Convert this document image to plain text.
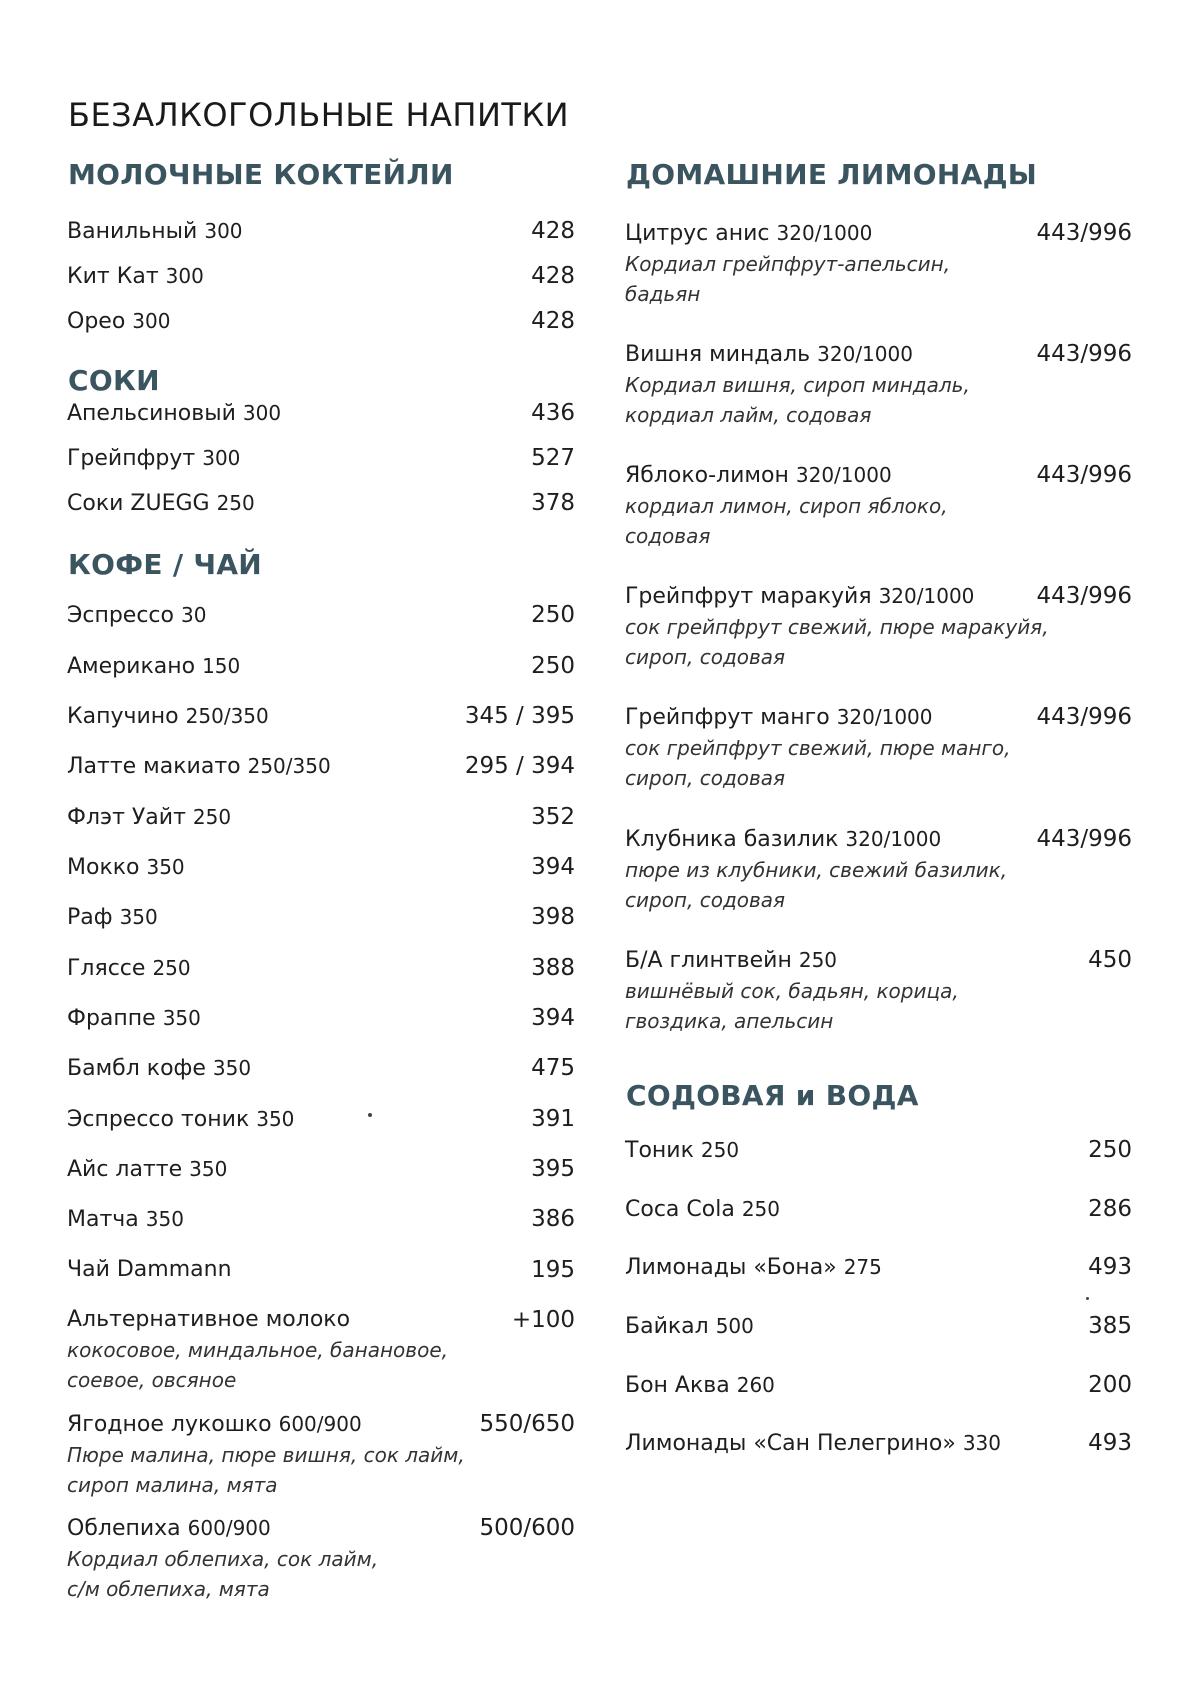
БЕЗАЛКОГОЛЬНЫЕ НАПИТКИ
МОЛОЧНЫЕ КОКТЕЙЛИ
Ванильный 300	428
Кит Кат 300	428
Орео 300	428
СОКИ
Апельсиновый 300	436
Грейпфрут 300	527
Соки ZUEGG 250	378
КОФЕ / ЧАЙ
Эспрессо 30	250
Американо 150	250
Капучино 250/350	345 / 395
Латте макиато 250/350	295 / 394
Флэт Уайт 250	352
Мокко 350	394
Раф 350	398
Гляссе 250	388
Фраппе 350	394
Бамбл кофе 350	475
Эспрессо тоник 350	391
Айс латте 350	395
Матча 350	386
Чай Dammann	195
Альтернативное молоко	+100
кокосовое, миндальное, банановое,
соевое, овсяное
Ягодное лукошко 600/900	550/650
Пюре малина, пюре вишня, сок лайм,
сироп малина, мята
Облепиха 600/900	500/600
Кордиал облепиха, сок лайм,
с/м облепиха, мята
ДОМАШНИЕ ЛИМОНАДЫ
Цитрус анис 320/1000	443/996
Кордиал грейпфрут-апельсин,
бадьян
Вишня миндаль 320/1000	443/996
Кордиал вишня, сироп миндаль,
кордиал лайм, содовая
Яблоко-лимон 320/1000	443/996
кордиал лимон, сироп яблоко,
содовая
Грейпфрут маракуйя 320/1000	443/996
сок грейпфрут свежий, пюре маракуйя,
сироп, содовая
Грейпфрут манго 320/1000	443/996
сок грейпфрут свежий, пюре манго,
сироп, содовая
Клубника базилик 320/1000	443/996
пюре из клубники, свежий базилик,
сироп, содовая
Б/А глинтвейн 250	450
вишнёвый сок, бадьян, корица,
гвоздика, апельсин
СОДОВАЯ и ВОДА
Тоник 250	250
Coca Cola 250	286
Лимонады «Бона» 275	493
Байкал 500	385
Бон Аква 260	200
Лимонады «Сан Пелегрино» 330	493
